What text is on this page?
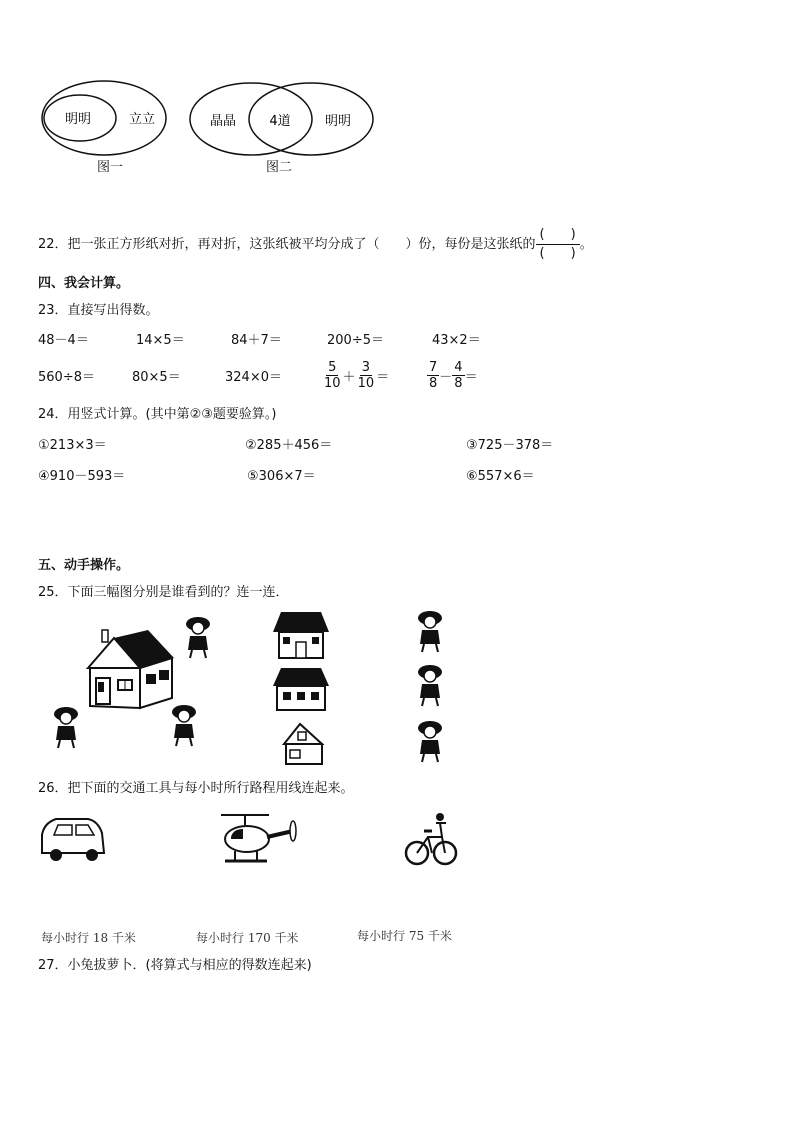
明明	立立
图一
晶晶	4道	明明
图二
22．把一张正方形纸对折，再对折，这张纸被平均分成了（　　）份，每份是这张纸的 $\frac{( )}{( )}$ 。
四、我会计算。
23．直接写出得数。
48－4＝	14×5＝	84＋7＝	200÷5＝	43×2＝
560÷8＝	80×5＝	324×0＝	$\frac{5}{10} + \frac{3}{10}$ ＝	$\frac{7}{8} - \frac{4}{8}$ ＝
24．用竖式计算。(其中第②③题要验算。)
①213×3＝	②285＋456＝	③725－378＝
④910－593＝	⑤306×7＝	⑥557×6＝
五、动手操作。
25．下面三幅图分别是谁看到的？连一连．
26．把下面的交通工具与每小时所行路程用线连起来。
每小时行 18 千米	每小时行 170 千米	每小时行 75 千米
27．小兔拔萝卜．(将算式与相应的得数连起来)
